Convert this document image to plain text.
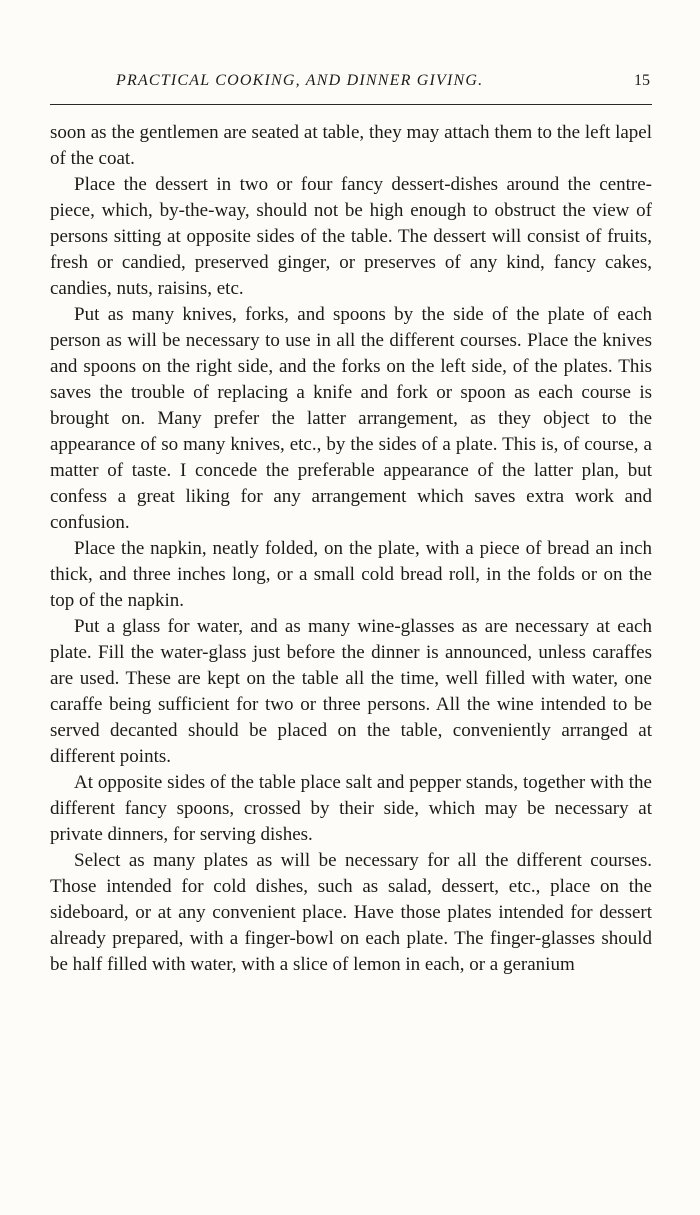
PRACTICAL COOKING, AND DINNER GIVING.	15

soon as the gentlemen are seated at table, they may attach them to the left lapel of the coat.

Place the dessert in two or four fancy dessert-dishes around the centre-piece, which, by-the-way, should not be high enough to obstruct the view of persons sitting at opposite sides of the table. The dessert will consist of fruits, fresh or candied, preserved ginger, or preserves of any kind, fancy cakes, candies, nuts, raisins, etc.

Put as many knives, forks, and spoons by the side of the plate of each person as will be necessary to use in all the different courses. Place the knives and spoons on the right side, and the forks on the left side, of the plates. This saves the trouble of replacing a knife and fork or spoon as each course is brought on. Many prefer the latter arrangement, as they object to the appearance of so many knives, etc., by the sides of a plate. This is, of course, a matter of taste. I concede the preferable appearance of the latter plan, but confess a great liking for any arrangement which saves extra work and confusion.

Place the napkin, neatly folded, on the plate, with a piece of bread an inch thick, and three inches long, or a small cold bread roll, in the folds or on the top of the napkin.

Put a glass for water, and as many wine-glasses as are necessary at each plate. Fill the water-glass just before the dinner is announced, unless caraffes are used. These are kept on the table all the time, well filled with water, one caraffe being sufficient for two or three persons. All the wine intended to be served decanted should be placed on the table, conveniently arranged at different points.

At opposite sides of the table place salt and pepper stands, together with the different fancy spoons, crossed by their side, which may be necessary at private dinners, for serving dishes.

Select as many plates as will be necessary for all the different courses. Those intended for cold dishes, such as salad, dessert, etc., place on the sideboard, or at any convenient place. Have those plates intended for dessert already prepared, with a finger-bowl on each plate. The finger-glasses should be half filled with water, with a slice of lemon in each, or a geranium
